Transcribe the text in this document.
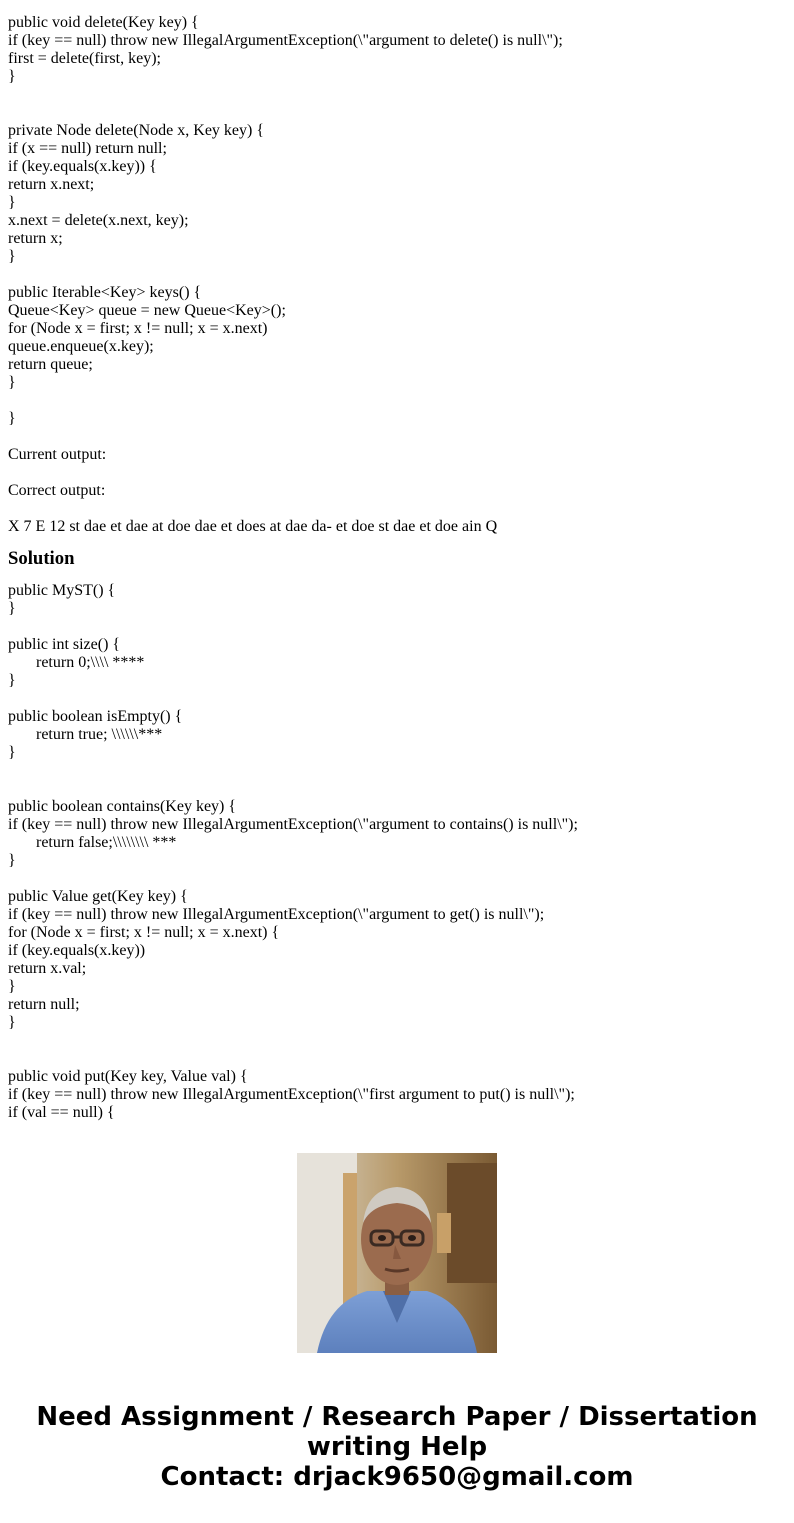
public void delete(Key key) {
if (key == null) throw new IllegalArgumentException(\"argument to delete() is null\");
first = delete(first, key);
}
private Node delete(Node x, Key key) {
if (x == null) return null;
if (key.equals(x.key)) {
return x.next;
}
x.next = delete(x.next, key);
return x;
}
public Iterable<Key> keys() {
Queue<Key> queue = new Queue<Key>();
for (Node x = first; x != null; x = x.next)
queue.enqueue(x.key);
return queue;
}
}

Current output:

Correct output:

X 7 E 12 st dae et dae at doe dae et does at dae da- et doe st dae et doe ain Q

Solution
public MyST() {
}
public int size() {
return 0;\\\\ ****
}
public boolean isEmpty() {
return true; \\\\\\***
}
public boolean contains(Key key) {
if (key == null) throw new IllegalArgumentException(\"argument to contains() is null\");
return false;\\\\\\\\ ***
}
public Value get(Key key) {
if (key == null) throw new IllegalArgumentException(\"argument to get() is null\");
for (Node x = first; x != null; x = x.next) {
if (key.equals(x.key))
return x.val;
}
return null;
}
public void put(Key key, Value val) {
if (key == null) throw new IllegalArgumentException(\"first argument to put() is null\");
if (val == null) {
Need Assignment / Research Paper / Dissertation
writing Help
Contact: drjack9650@gmail.com
